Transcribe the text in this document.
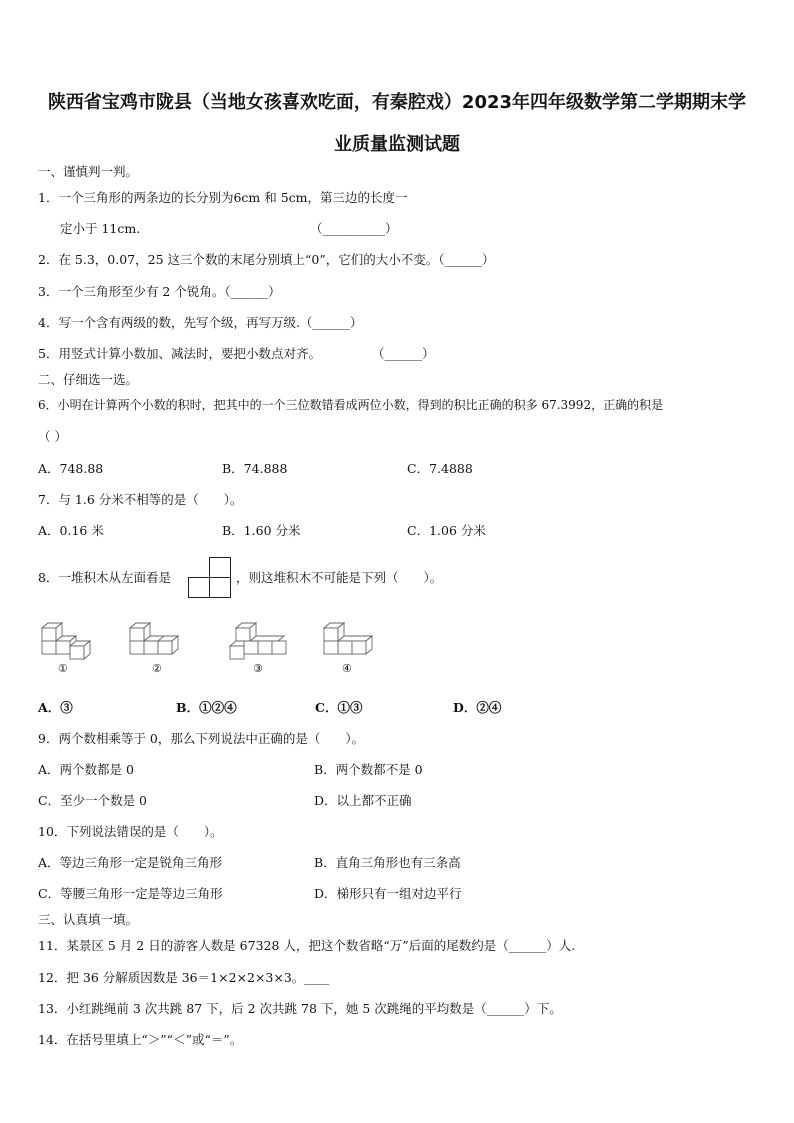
陕西省宝鸡市陇县（当地女孩喜欢吃面，有秦腔戏）2023年四年级数学第二学期期末学
业质量监测试题
一、谨慎判一判。
1．一个三角形的两条边的长分别为6cm 和 5cm，第三边的长度一
定小于 11cm.	（__________）
2．在 5.3，0.07，25 这三个数的末尾分别填上“0”，它们的大小不变。（______）
3．一个三角形至少有 2 个锐角。（______）
4．写一个含有两级的数，先写个级，再写万级.（______）
5．用竖式计算小数加、减法时，要把小数点对齐。	（______）
二、仔细选一选。
6．小明在计算两个小数的积时，把其中的一个三位数错看成两位小数，得到的积比正确的积多 67.3992，正确的积是
（ ）
A．748.88	B．74.888	C．7.4888
7．与 1.6 分米不相等的是（　　）。
A．0.16 米	B．1.60 分米	C．1.06 分米
8．一堆积木从左面看是	，则这堆积木不可能是下列（　　）。
①	②	③	④
A．③	B．①②④	C．①③	D．②④
9．两个数相乘等于 0，那么下列说法中正确的是（　　）。
A．两个数都是 0	B．两个数都不是 0
C．至少一个数是 0	D．以上都不正确
10．下列说法错误的是（　　）。
A．等边三角形一定是锐角三角形	B．直角三角形也有三条高
C．等腰三角形一定是等边三角形	D．梯形只有一组对边平行
三、认真填一填。
11．某景区 5 月 2 日的游客人数是 67328 人，把这个数省略“万”后面的尾数约是（______）人.
12．把 36 分解质因数是 36＝1×2×2×3×3。____
13．小红跳绳前 3 次共跳 87 下，后 2 次共跳 78 下，她 5 次跳绳的平均数是（______）下。
14．在括号里填上“＞”“＜”或“＝”。
